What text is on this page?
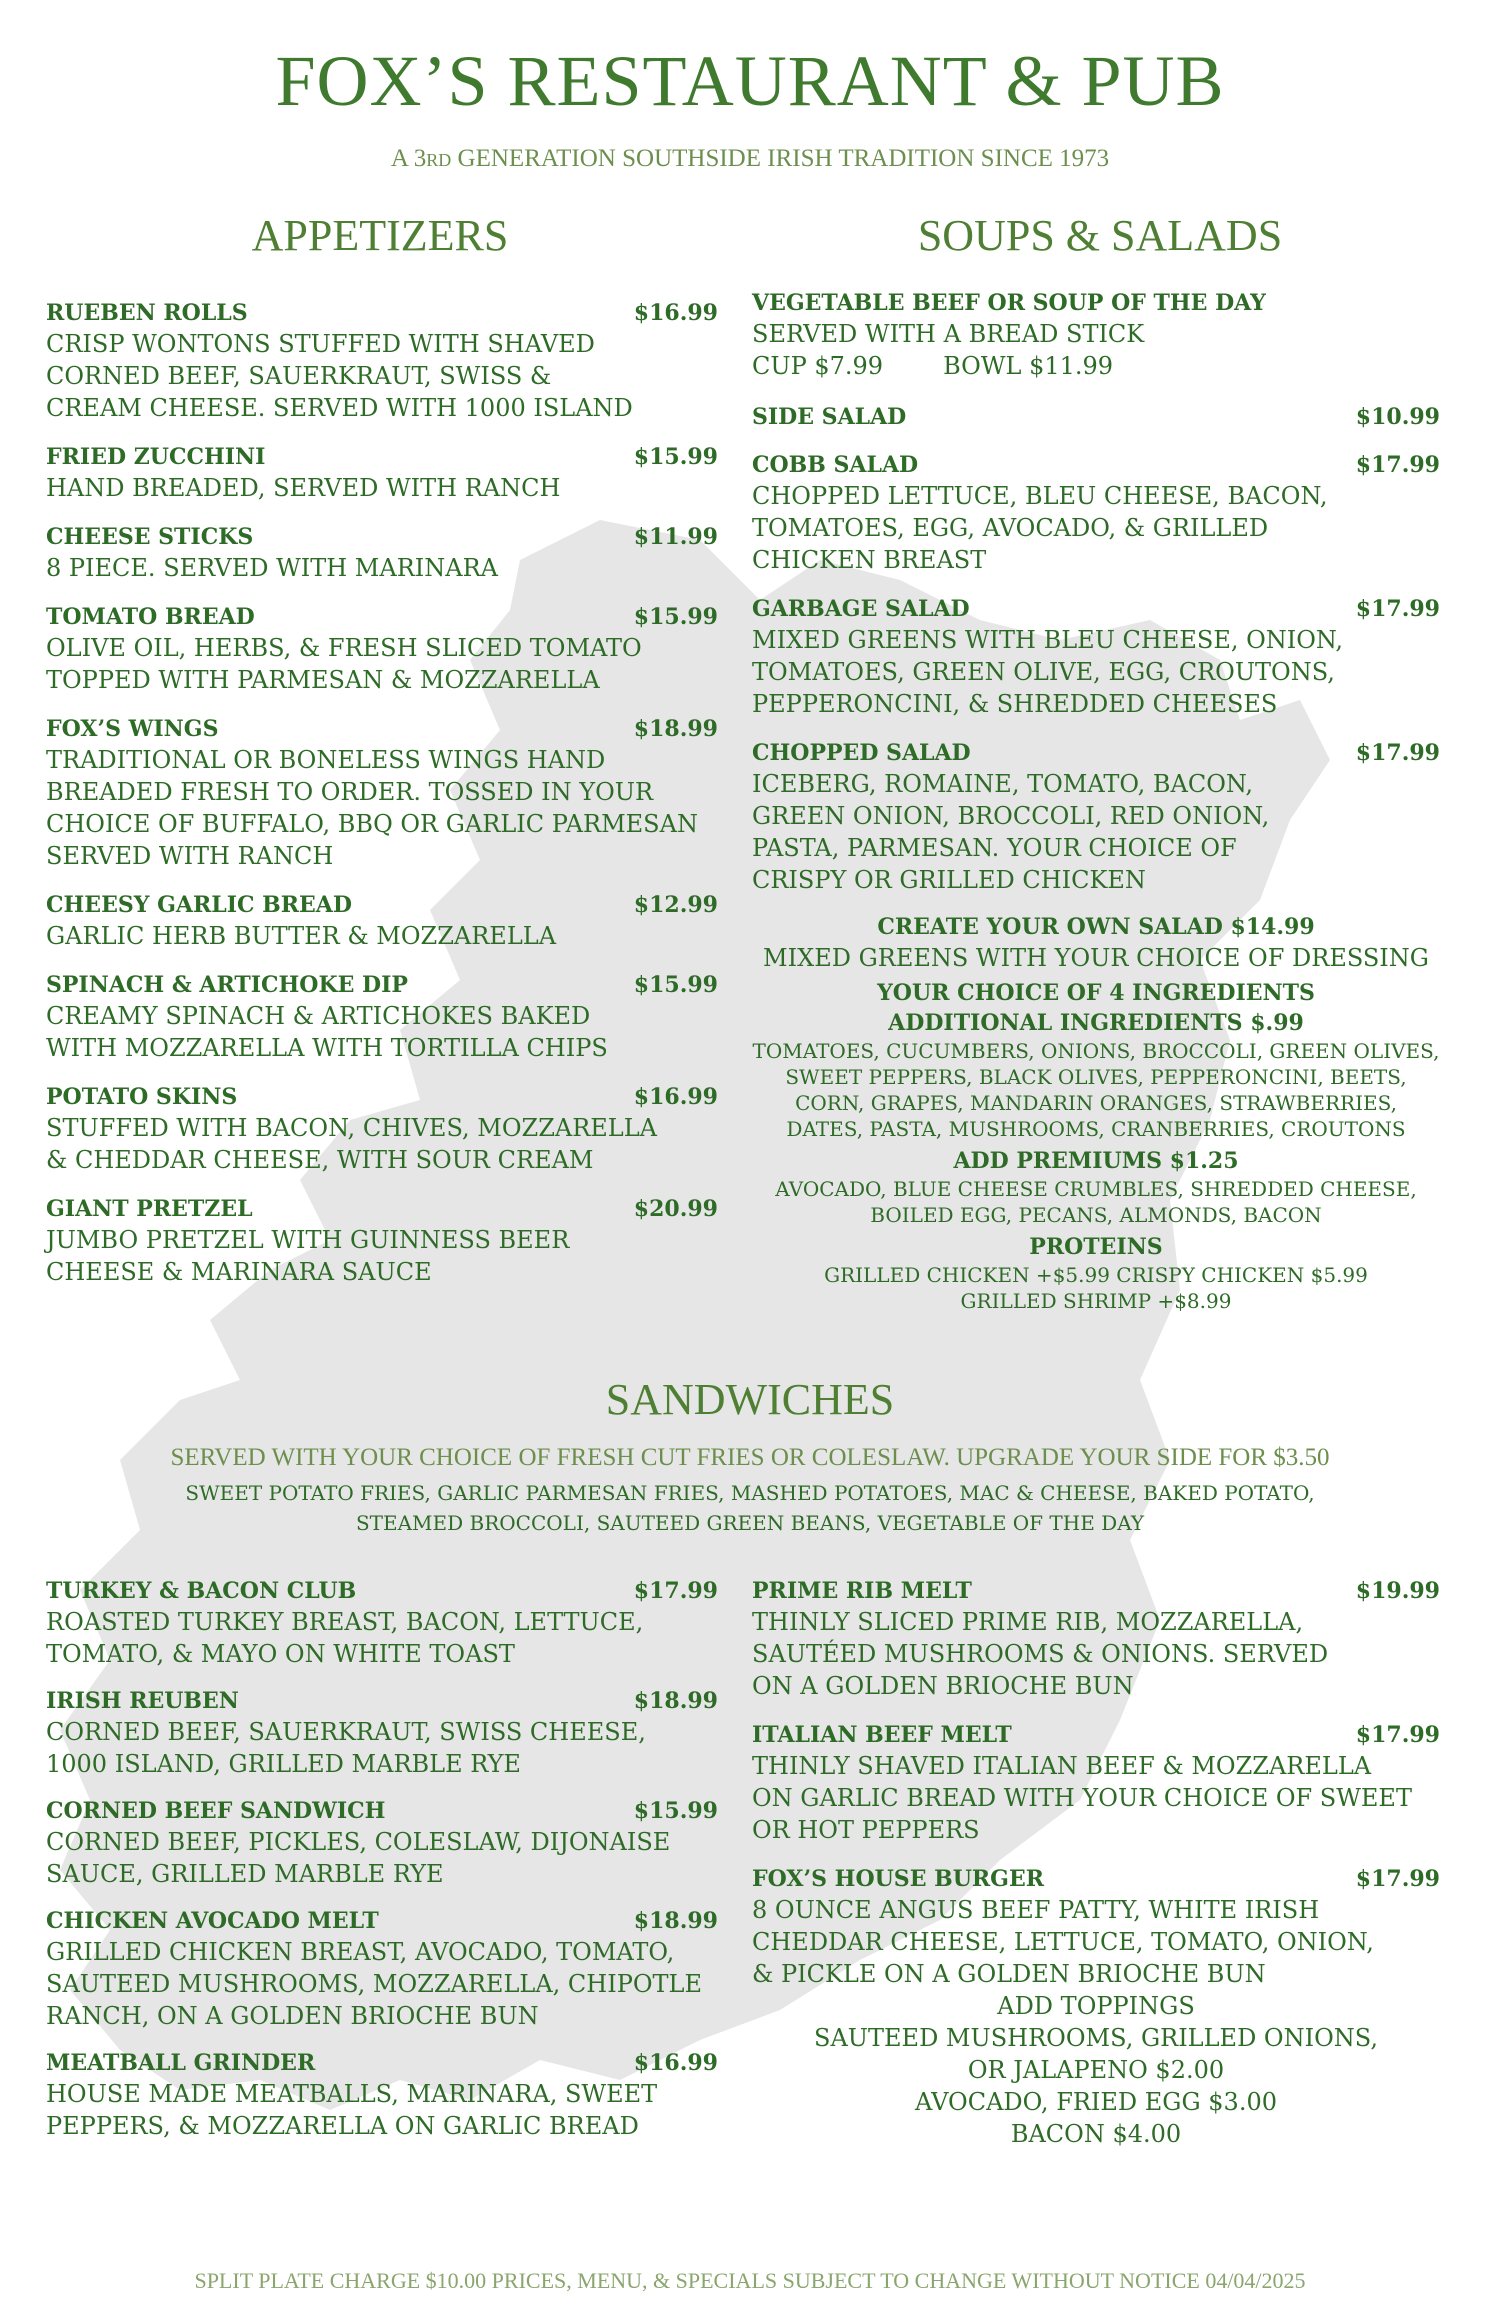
FOX’S RESTAURANT & PUB
A 3RD GENERATION SOUTHSIDE IRISH TRADITION SINCE 1973
APPETIZERS
RUEBEN ROLLS	$16.99
CRISP WONTONS STUFFED WITH SHAVED
CORNED BEEF, SAUERKRAUT, SWISS &
CREAM CHEESE. SERVED WITH 1000 ISLAND
FRIED ZUCCHINI	$15.99
HAND BREADED, SERVED WITH RANCH
CHEESE STICKS	$11.99
8 PIECE. SERVED WITH MARINARA
TOMATO BREAD	$15.99
OLIVE OIL, HERBS, & FRESH SLICED TOMATO
TOPPED WITH PARMESAN & MOZZARELLA
FOX’S WINGS	$18.99
TRADITIONAL OR BONELESS WINGS HAND
BREADED FRESH TO ORDER. TOSSED IN YOUR
CHOICE OF BUFFALO, BBQ OR GARLIC PARMESAN
SERVED WITH RANCH
CHEESY GARLIC BREAD	$12.99
GARLIC HERB BUTTER & MOZZARELLA
SPINACH & ARTICHOKE DIP	$15.99
CREAMY SPINACH & ARTICHOKES BAKED
WITH MOZZARELLA WITH TORTILLA CHIPS
POTATO SKINS	$16.99
STUFFED WITH BACON, CHIVES, MOZZARELLA
& CHEDDAR CHEESE, WITH SOUR CREAM
GIANT PRETZEL	$20.99
JUMBO PRETZEL WITH GUINNESS BEER
CHEESE & MARINARA SAUCE
SOUPS & SALADS
VEGETABLE BEEF OR SOUP OF THE DAY
SERVED WITH A BREAD STICK
CUP $7.99	BOWL $11.99
SIDE SALAD	$10.99
COBB SALAD	$17.99
CHOPPED LETTUCE, BLEU CHEESE, BACON,
TOMATOES, EGG, AVOCADO, & GRILLED
CHICKEN BREAST
GARBAGE SALAD	$17.99
MIXED GREENS WITH BLEU CHEESE, ONION,
TOMATOES, GREEN OLIVE, EGG, CROUTONS,
PEPPERONCINI, & SHREDDED CHEESES
CHOPPED SALAD	$17.99
ICEBERG, ROMAINE, TOMATO, BACON,
GREEN ONION, BROCCOLI, RED ONION,
PASTA, PARMESAN. YOUR CHOICE OF
CRISPY OR GRILLED CHICKEN
CREATE YOUR OWN SALAD $14.99
MIXED GREENS WITH YOUR CHOICE OF DRESSING
YOUR CHOICE OF 4 INGREDIENTS
ADDITIONAL INGREDIENTS $.99
TOMATOES, CUCUMBERS, ONIONS, BROCCOLI, GREEN OLIVES,
SWEET PEPPERS, BLACK OLIVES, PEPPERONCINI, BEETS,
CORN, GRAPES, MANDARIN ORANGES, STRAWBERRIES,
DATES, PASTA, MUSHROOMS, CRANBERRIES, CROUTONS
ADD PREMIUMS $1.25
AVOCADO, BLUE CHEESE CRUMBLES, SHREDDED CHEESE,
BOILED EGG, PECANS, ALMONDS, BACON
PROTEINS
GRILLED CHICKEN +$5.99 CRISPY CHICKEN $5.99
GRILLED SHRIMP +$8.99
SANDWICHES
SERVED WITH YOUR CHOICE OF FRESH CUT FRIES OR COLESLAW. UPGRADE YOUR SIDE FOR $3.50
SWEET POTATO FRIES, GARLIC PARMESAN FRIES, MASHED POTATOES, MAC & CHEESE, BAKED POTATO,
STEAMED BROCCOLI, SAUTEED GREEN BEANS, VEGETABLE OF THE DAY
TURKEY & BACON CLUB	$17.99
ROASTED TURKEY BREAST, BACON, LETTUCE,
TOMATO, & MAYO ON WHITE TOAST
IRISH REUBEN	$18.99
CORNED BEEF, SAUERKRAUT, SWISS CHEESE,
1000 ISLAND, GRILLED MARBLE RYE
CORNED BEEF SANDWICH	$15.99
CORNED BEEF, PICKLES, COLESLAW, DIJONAISE
SAUCE, GRILLED MARBLE RYE
CHICKEN AVOCADO MELT	$18.99
GRILLED CHICKEN BREAST, AVOCADO, TOMATO,
SAUTEED MUSHROOMS, MOZZARELLA, CHIPOTLE
RANCH, ON A GOLDEN BRIOCHE BUN
MEATBALL GRINDER	$16.99
HOUSE MADE MEATBALLS, MARINARA, SWEET
PEPPERS, & MOZZARELLA ON GARLIC BREAD
PRIME RIB MELT	$19.99
THINLY SLICED PRIME RIB, MOZZARELLA,
SAUTÉED MUSHROOMS & ONIONS. SERVED
ON A GOLDEN BRIOCHE BUN
ITALIAN BEEF MELT	$17.99
THINLY SHAVED ITALIAN BEEF & MOZZARELLA
ON GARLIC BREAD WITH YOUR CHOICE OF SWEET
OR HOT PEPPERS
FOX’S HOUSE BURGER	$17.99
8 OUNCE ANGUS BEEF PATTY, WHITE IRISH
CHEDDAR CHEESE, LETTUCE, TOMATO, ONION,
& PICKLE ON A GOLDEN BRIOCHE BUN
ADD TOPPINGS
SAUTEED MUSHROOMS, GRILLED ONIONS,
OR JALAPENO $2.00
AVOCADO, FRIED EGG $3.00
BACON $4.00
SPLIT PLATE CHARGE $10.00 PRICES, MENU, & SPECIALS SUBJECT TO CHANGE WITHOUT NOTICE 04/04/2025
